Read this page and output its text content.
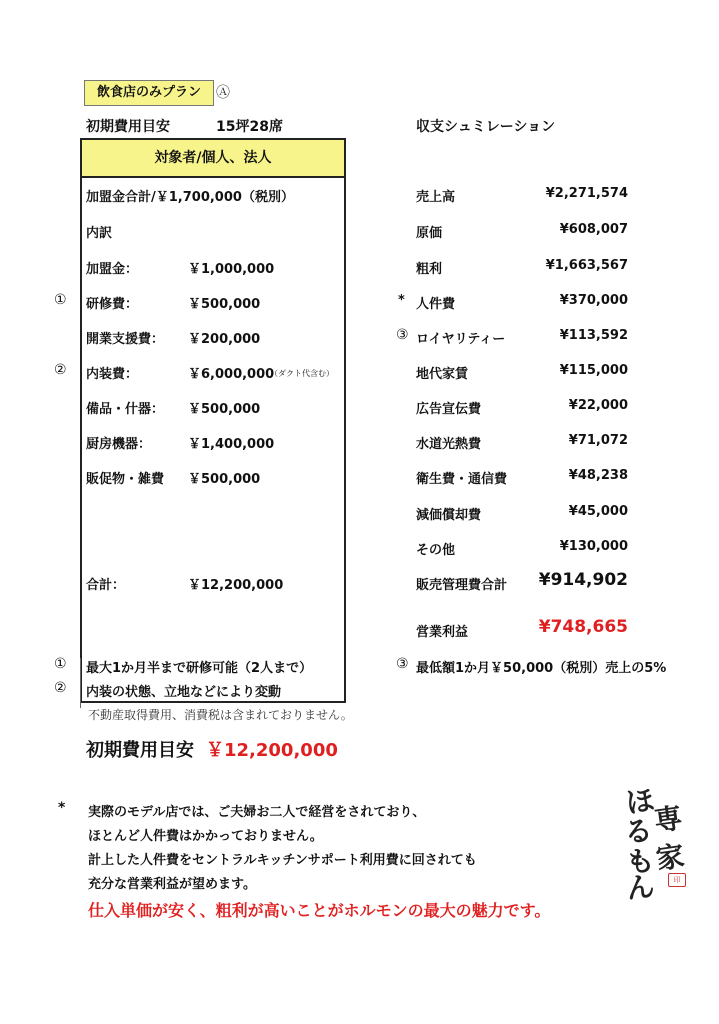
飲食店のみプラン	Ⓐ
初期費用目安	15坪28席	収支シュミレーション
対象者/個人、法人
加盟金合計/￥1,700,000（税別）
内訳
①
②
加盟金：	￥1,000,000
研修費：	￥500,000
開業支援費： ￥200,000
内装費：	￥6,000,000
（ダクト代含む）
備品・什器： ￥500,000
厨房機器：	￥1,400,000
販促物・雑費 ￥500,000
合計：	￥12,200,000
① 最大1か月半まで研修可能（2人まで）
② 内装の状態、立地などにより変動
不動産取得費用、消費税は含まれておりません。
売上高	¥2,271,574
原価	¥608,007
粗利	¥1,663,567
* 人件費	¥370,000
③ ロイヤリティー	¥113,592
地代家賃	¥115,000
広告宣伝費	¥22,000
水道光熱費	¥71,072
衛生費・通信費	¥48,238
減価償却費	¥45,000
その他	¥130,000
販売管理費合計	¥914,902
営業利益	¥748,665
③ 最低額1か月￥50,000（税別）売上の5%
初期費用目安 ￥12,200,000
* 実際のモデル店では、ご夫婦お二人で経営をされており、
ほとんど人件費はかかっておりません。
計上した人件費をセントラルキッチンサポート利用費に回されても
充分な営業利益が望めます。
仕入単価が安く、粗利が高いことがホルモンの最大の魅力です。
ほ
る
も
ん
専
家
印
